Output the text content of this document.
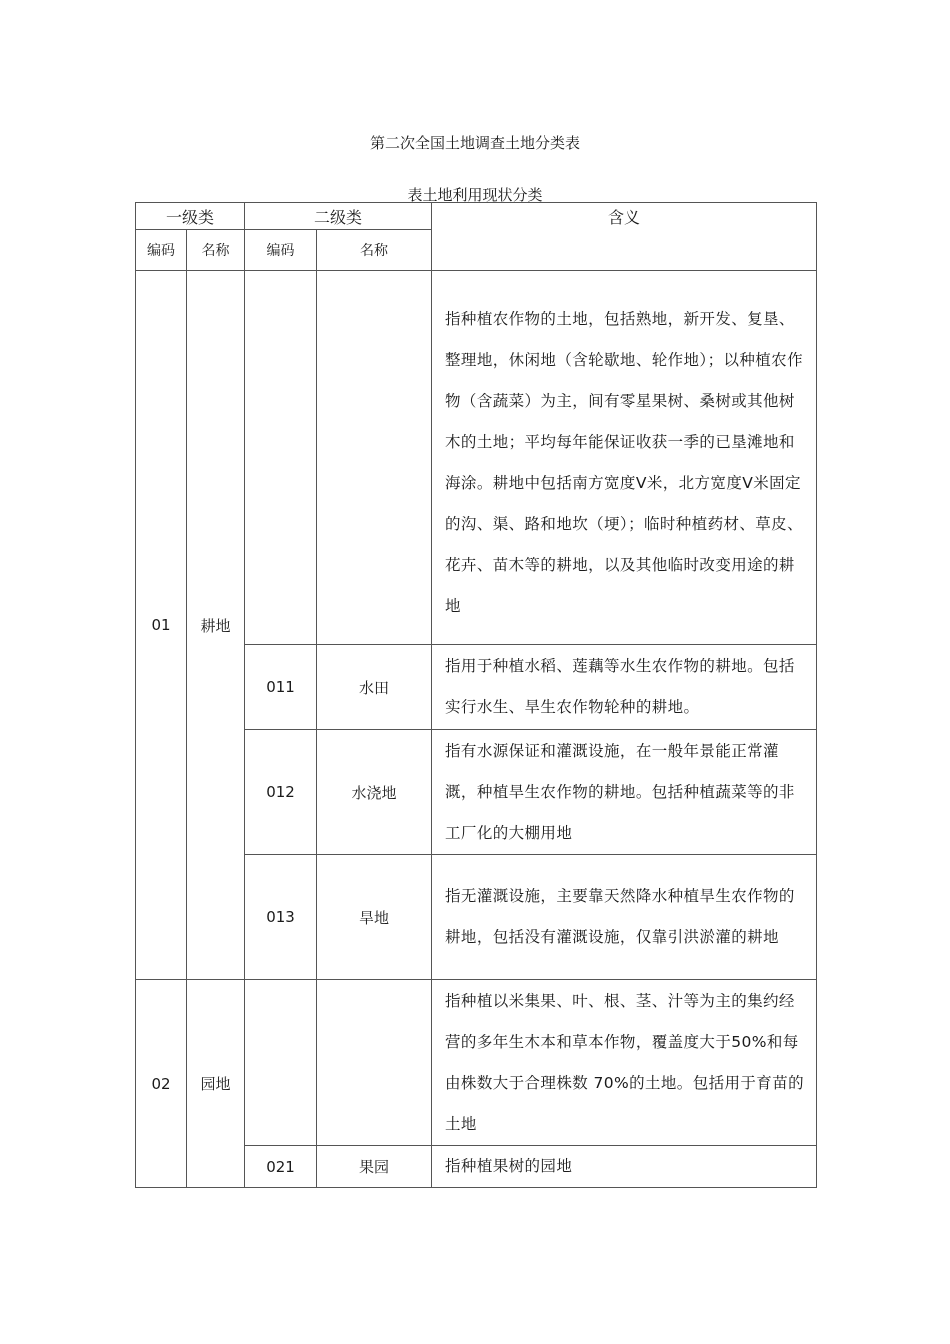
第二次全国土地调查土地分类表
表土地利用现状分类
一级类		二级类		含义
编码	名称	编码	名称	
01	耕地			指种植农作物的土地，包括熟地，新开发、复垦、整理地，休闲地（含轮歇地、轮作地）；以种植农作物（含蔬菜）为主，间有零星果树、桑树或其他树木的土地；平均每年能保证收获一季的已垦滩地和海涂。耕地中包括南方宽度Ⅴ米，北方宽度Ⅴ米固定的沟、渠、路和地坎（埂）；临时种植药材、草皮、花卉、苗木等的耕地，以及其他临时改变用途的耕地
		011	水田	指用于种植水稻、莲藕等水生农作物的耕地。包括实行水生、旱生农作物轮种的耕地。
		012	水浇地	指有水源保证和灌溉设施，在一般年景能正常灌溉，种植旱生农作物的耕地。包括种植蔬菜等的非工厂化的大棚用地
		013	旱地	指无灌溉设施，主要靠天然降水种植旱生农作物的耕地，包括没有灌溉设施，仅靠引洪淤灌的耕地
02	园地			指种植以米集果、叶、根、茎、汁等为主的集约经营的多年生木本和草本作物，覆盖度大于50%和每由株数大于合理株数 70%的土地。包括用于育苗的土地
		021	果园	指种植果树的园地
